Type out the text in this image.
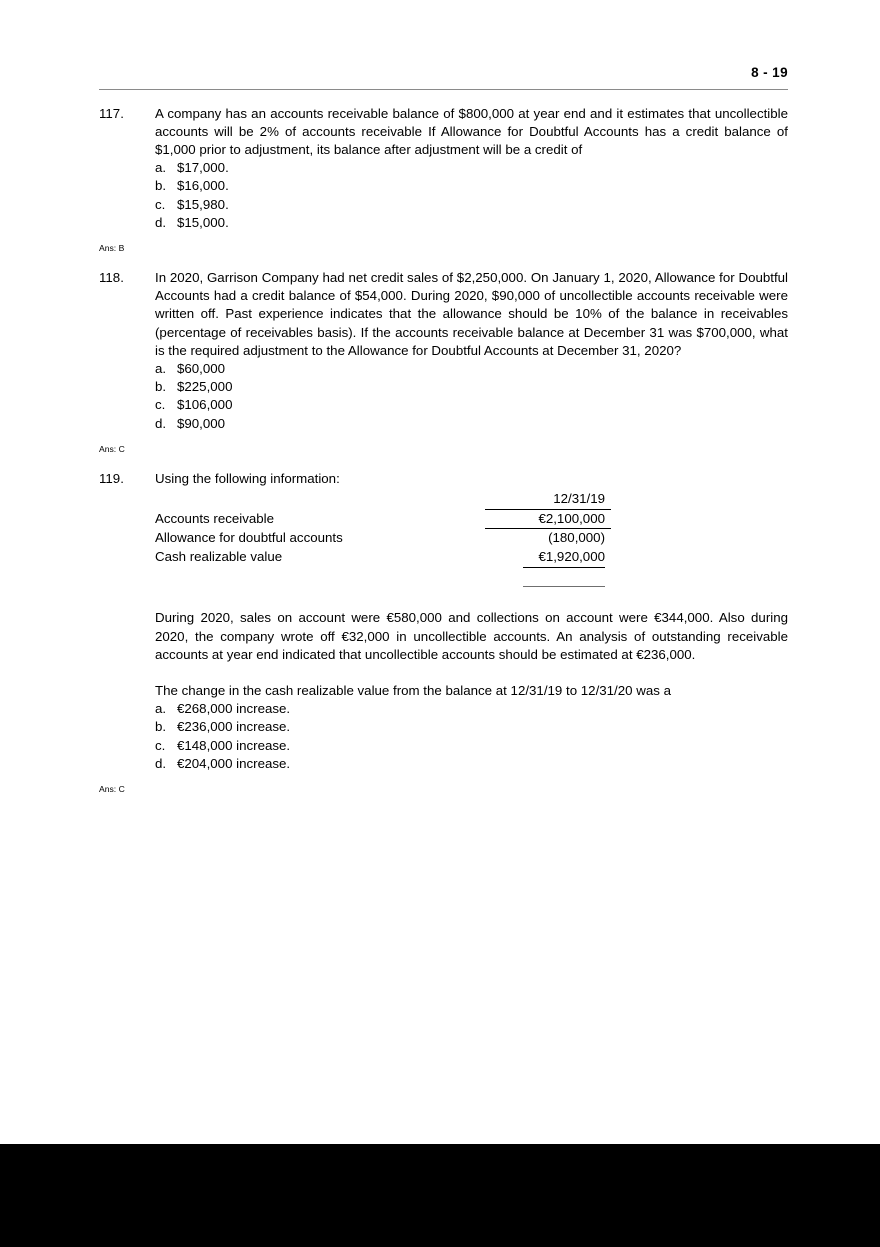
8 - 19
117.	A company has an accounts receivable balance of $800,000 at year end and it estimates that uncollectible accounts will be 2% of accounts receivable If Allowance for Doubtful Accounts has a credit balance of $1,000 prior to adjustment, its balance after adjustment will be a credit of

a. $17,000.
b. $16,000.
c. $15,980.
d. $15,000.
Ans: B
118.	In 2020, Garrison Company had net credit sales of $2,250,000. On January 1, 2020, Allowance for Doubtful Accounts had a credit balance of $54,000. During 2020, $90,000 of uncollectible accounts receivable were written off. Past experience indicates that the allowance should be 10% of the balance in receivables (percentage of receivables basis). If the accounts receivable balance at December 31 was $700,000, what is the required adjustment to the Allowance for Doubtful Accounts at December 31, 2020?

a. $60,000
b. $225,000
c. $106,000
d. $90,000
Ans: C
119.	Using the following information:

	12/31/19	
Accounts receivable	€2,100,000	
Allowance for doubtful accounts	(180,000)	
Cash realizable value	€1,920,000	

During 2020, sales on account were €580,000 and collections on account were €344,000. Also during 2020, the company wrote off €32,000 in uncollectible accounts. An analysis of outstanding receivable accounts at year end indicated that uncollectible accounts should be estimated at €236,000.

The change in the cash realizable value from the balance at 12/31/19 to 12/31/20 was a

a. €268,000 increase.
b. €236,000 increase.
c. €148,000 increase.
d. €204,000 increase.
Ans: C
